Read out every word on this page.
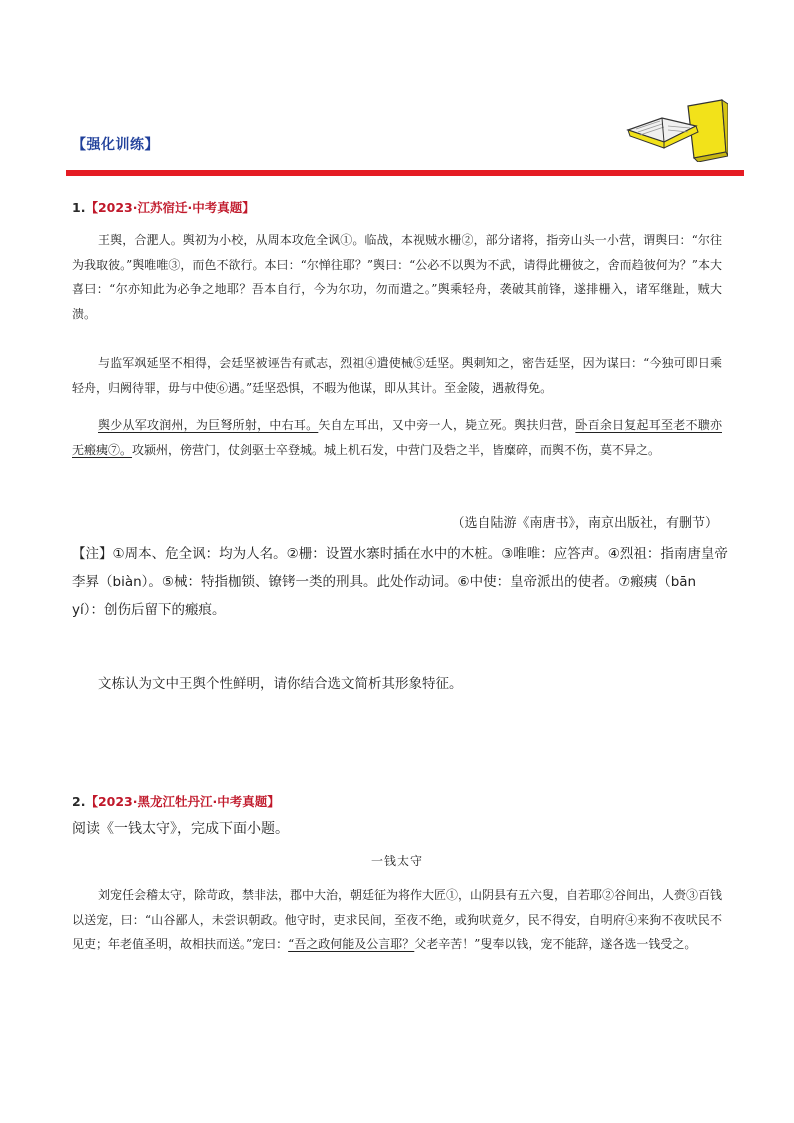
【强化训练】
1.【2023·江苏宿迁·中考真题】
王舆，合淝人。舆初为小校，从周本攻危全讽①。临战，本视贼水栅②，部分诸将，指旁山头一小营，谓舆曰：“尔往为我取彼。”舆唯唯③，而色不欲行。本曰：“尔惮往耶？”舆曰：“公必不以舆为不武，请得此栅彼之，舍而趋彼何为？”本大喜曰：“尔亦知此为必争之地耶？吾本自行，今为尔功，勿而遣之。”舆乘轻舟，袭破其前锋，遂排栅入，诸军继趾，贼大溃。
与监军飒延坚不相得，会廷坚被诬告有贰志，烈祖④遣使械⑤廷坚。舆刺知之，密告廷坚，因为谋曰：“今独可即日乘轻舟，归阙待罪，毋与中使⑥遇。”廷坚恐惧，不暇为他谋，即从其计。至金陵，遇赦得免。
舆少从军攻润州，为巨弩所射，中右耳。矢自左耳出，又中旁一人，毙立死。舆扶归营，卧百余日复起耳至老不聩亦无瘢痍⑦。攻颍州，傍营门，仗剑驱士卒登城。城上机石发，中营门及砦之半，皆糜碎，而舆不伤，莫不异之。
（选自陆游《南唐书》，南京出版社，有删节）
【注】①周本、危全讽：均为人名。②栅：设置水寨时插在水中的木桩。③唯唯：应答声。④烈祖：指南唐皇帝李昪（biàn）。⑤械：特指枷锁、镣铐一类的刑具。此处作动词。⑥中使：皇帝派出的使者。⑦瘢痍（bān yí）：创伤后留下的瘢痕。
文栋认为文中王舆个性鲜明，请你结合选文简析其形象特征。
2.【2023·黑龙江牡丹江·中考真题】
阅读《一钱太守》，完成下面小题。
一钱太守
刘宠任会稽太守，除苛政，禁非法，郡中大治，朝廷征为将作大匠①，山阴县有五六叟，自若耶②谷间出，人赍③百钱以送宠，曰：“山谷鄙人，未尝识朝政。他守时，吏求民间，至夜不绝，或狗吠竟夕，民不得安，自明府④来狗不夜吠民不见吏；年老值圣明，故相扶而送。”宠曰：“吾之政何能及公言耶？父老辛苦！”叟奉以钱，宠不能辞，遂各选一钱受之。
